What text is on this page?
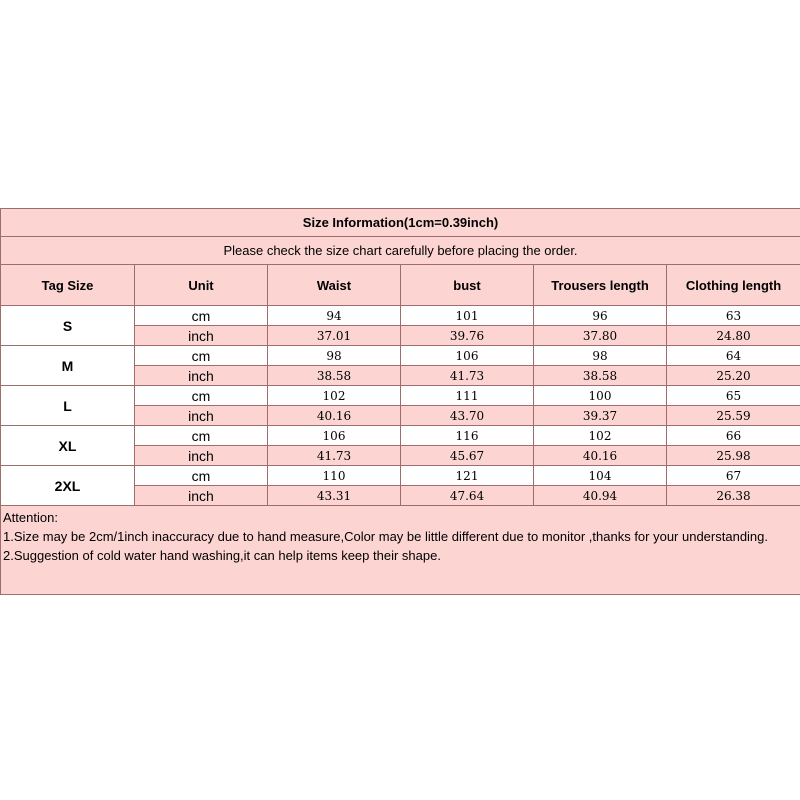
Size Information(1cm=0.39inch)					
Please check the size chart carefully before placing the order.					
Tag Size	Unit	Waist	bust	Trousers length	Clothing length
S	cm	94	101	96	63
	inch	37.01	39.76	37.80	24.80
M	cm	98	106	98	64
	inch	38.58	41.73	38.58	25.20
L	cm	102	111	100	65
	inch	40.16	43.70	39.37	25.59
XL	cm	106	116	102	66
	inch	41.73	45.67	40.16	25.98
2XL	cm	110	121	104	67
	inch	43.31	47.64	40.94	26.38

Attention:
1.Size may be 2cm/1inch inaccuracy due to hand measure,Color may be little different due to monitor ,thanks for your understanding.
2.Suggestion of cold water hand washing,it can help items keep their shape.					
